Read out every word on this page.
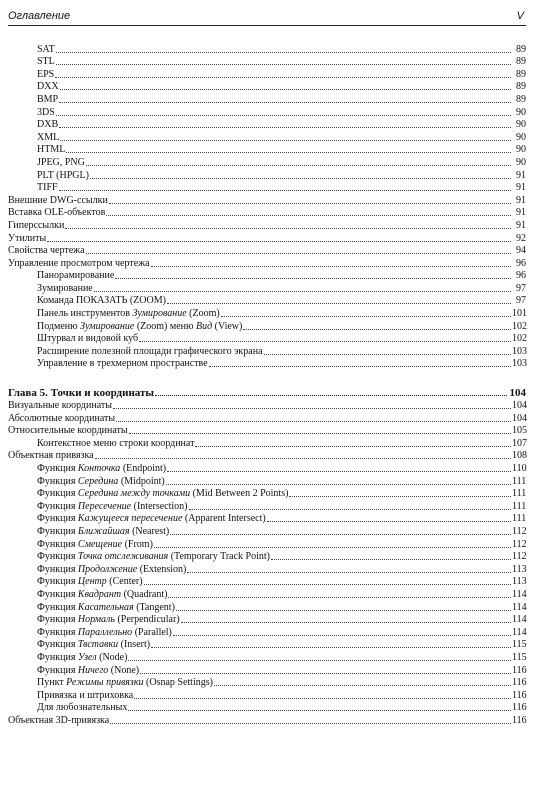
Оглавление	V
SAT	89
STL	89
EPS	89
DXX	89
BMP	89
3DS	90
DXB	90
XML	90
HTML	90
JPEG, PNG	90
PLT (HPGL)	91
TIFF	91
Внешние DWG-ссылки	91
Вставка OLE-объектов	91
Гиперссылки	91
Утилиты	92
Свойства чертежа	94
Управление просмотром чертежа	96
Панорамирование	96
Зумирование	97
Команда ПОКАЗАТЬ (ZOOM)	97
Панель инструментов Зумирование (Zoom)	101
Подменю Зумирование (Zoom) меню Вид (View)	102
Штурвал и видовой куб	102
Расширение полезной площади графического экрана	103
Управление в трехмерном пространстве	103
Глава 5. Точки и координаты	104
Визуальные координаты	104
Абсолютные координаты	104
Относительные координаты	105
Контекстное меню строки координат	107
Объектная привязка	108
Функция Конточка (Endpoint)	110
Функция Середина (Midpoint)	111
Функция Середина между точками (Mid Between 2 Points)	111
Функция Пересечение (Intersection)	111
Функция Кажущееся пересечение (Apparent Intersect)	111
Функция Ближайшая (Nearest)	112
Функция Смещение (From)	112
Функция Точка отслеживания (Temporary Track Point)	112
Функция Продолжение (Extension)	113
Функция Центр (Center)	113
Функция Квадрант (Quadrant)	114
Функция Касательная (Tangent)	114
Функция Нормаль (Perpendicular)	114
Функция Параллельно (Parallel)	114
Функция Твставки (Insert)	115
Функция Узел (Node)	115
Функция Ничего (None)	116
Пункт Режимы привязки (Osnap Settings)	116
Привязка и штриховка	116
Для любознательных	116
Объектная 3D-привязка	116
